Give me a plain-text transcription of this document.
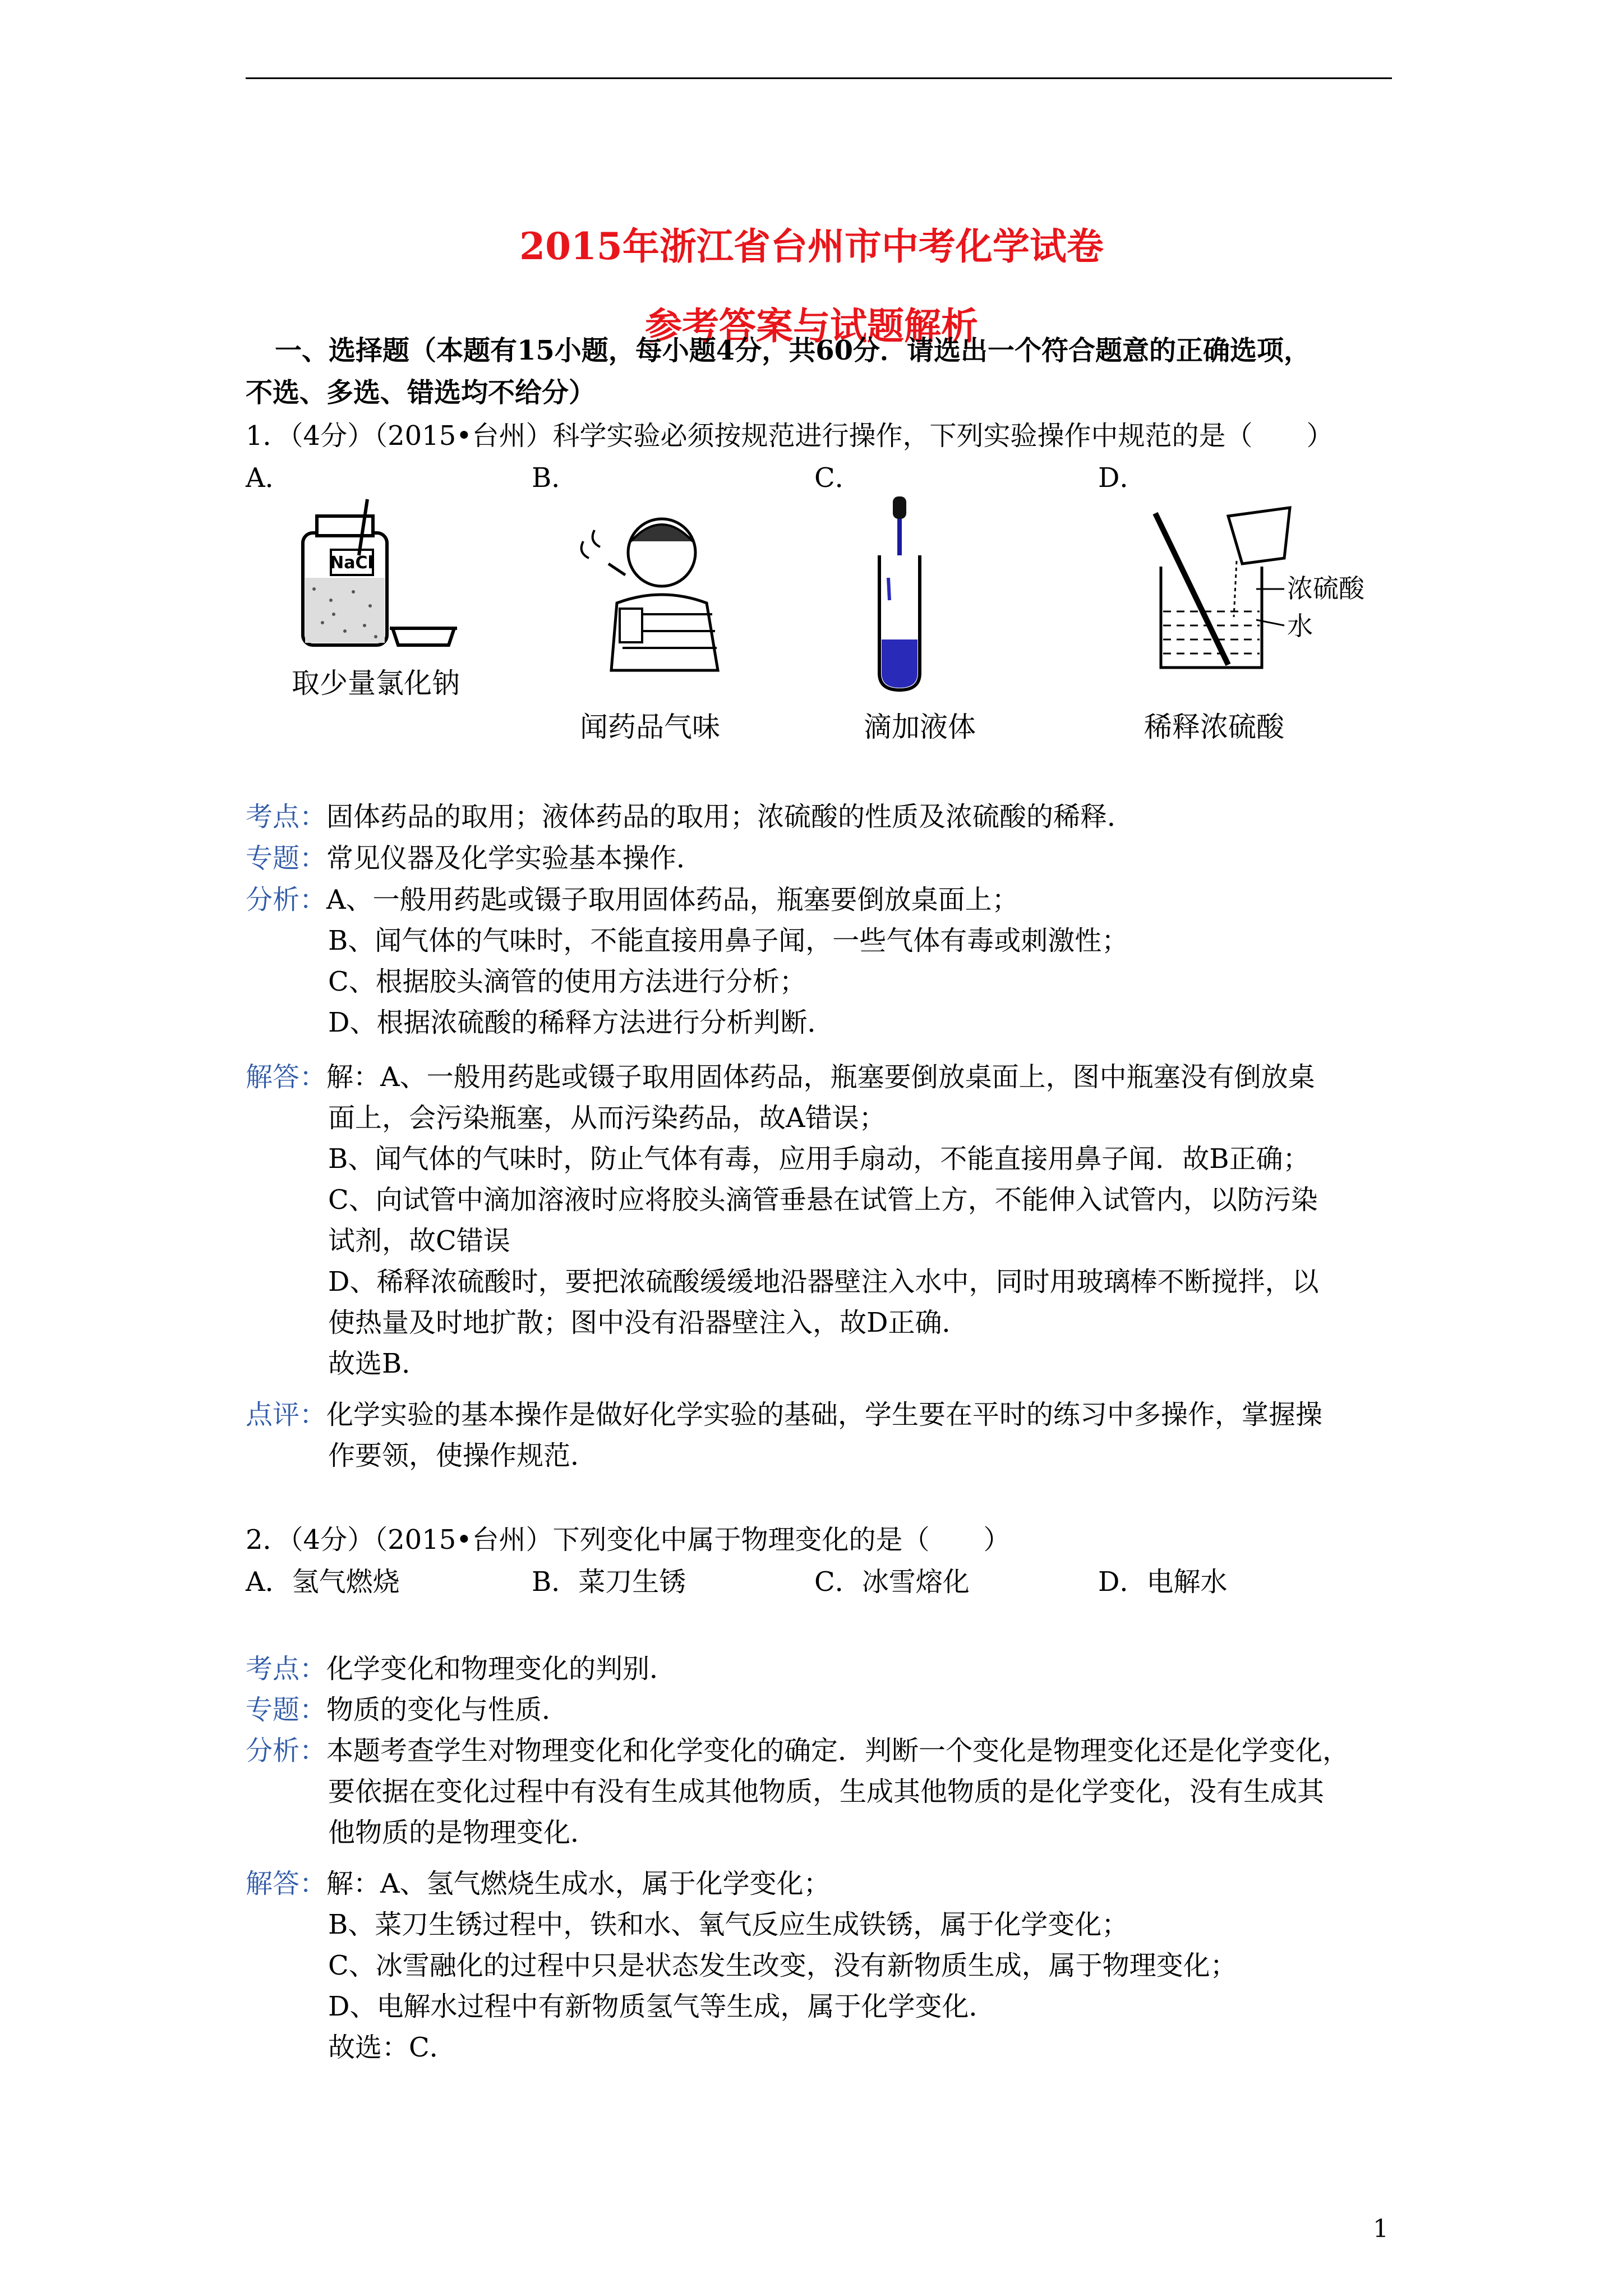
2015年浙江省台州市中考化学试卷
参考答案与试题解析
一、选择题（本题有15小题，每小题4分，共60分．请选出一个符合题意的正确选项，
不选、多选、错选均不给分）
1．（4分）（2015•台州）科学实验必须按规范进行操作，下列实验操作中规范的是（　　）
A．	B．	C．	D．
NaCl
取少量氯化钠
闻药品气味	滴加液体
浓硫酸
水
稀释浓硫酸
考点：固体药品的取用；液体药品的取用；浓硫酸的性质及浓硫酸的稀释．
专题：常见仪器及化学实验基本操作．
分析：A、一般用药匙或镊子取用固体药品，瓶塞要倒放桌面上；
B、闻气体的气味时，不能直接用鼻子闻，一些气体有毒或刺激性；
C、根据胶头滴管的使用方法进行分析；
D、根据浓硫酸的稀释方法进行分析判断．
解答：解：A、一般用药匙或镊子取用固体药品，瓶塞要倒放桌面上，图中瓶塞没有倒放桌
面上，会污染瓶塞，从而污染药品，故A错误；
B、闻气体的气味时，防止气体有毒，应用手扇动，不能直接用鼻子闻．故B正确；
C、向试管中滴加溶液时应将胶头滴管垂悬在试管上方，不能伸入试管内，以防污染
试剂，故C错误
D、稀释浓硫酸时，要把浓硫酸缓缓地沿器壁注入水中，同时用玻璃棒不断搅拌，以
使热量及时地扩散；图中没有沿器壁注入，故D正确．
故选B．
点评：化学实验的基本操作是做好化学实验的基础，学生要在平时的练习中多操作，掌握操
作要领，使操作规范．
2．（4分）（2015•台州）下列变化中属于物理变化的是（　　）
A．氢气燃烧	B．菜刀生锈	C．冰雪熔化	D．电解水
考点：化学变化和物理变化的判别．
专题：物质的变化与性质．
分析：本题考查学生对物理变化和化学变化的确定．判断一个变化是物理变化还是化学变化，
要依据在变化过程中有没有生成其他物质，生成其他物质的是化学变化，没有生成其
他物质的是物理变化．
解答：解：A、氢气燃烧生成水，属于化学变化；
B、菜刀生锈过程中，铁和水、氧气反应生成铁锈，属于化学变化；
C、冰雪融化的过程中只是状态发生改变，没有新物质生成，属于物理变化；
D、电解水过程中有新物质氢气等生成，属于化学变化．
故选：C．
1
